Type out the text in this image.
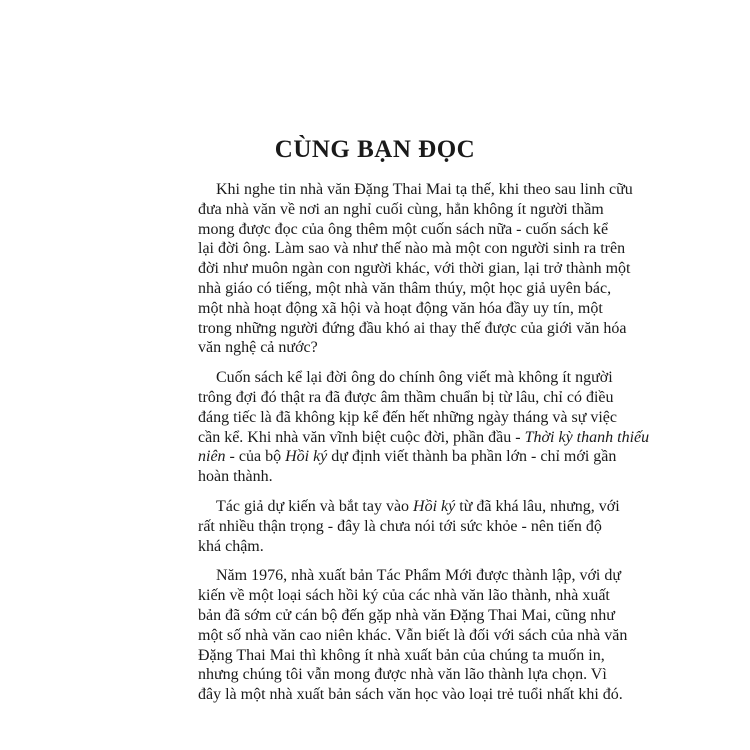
CÙNG BẠN ĐỌC

Khi nghe tin nhà văn Đặng Thai Mai tạ thế, khi theo sau linh cữu
đưa nhà văn về nơi an nghỉ cuối cùng, hẳn không ít người thầm
mong được đọc của ông thêm một cuốn sách nữa - cuốn sách kể
lại đời ông. Làm sao và như thế nào mà một con người sinh ra trên
đời như muôn ngàn con người khác, với thời gian, lại trở thành một
nhà giáo có tiếng, một nhà văn thâm thúy, một học giả uyên bác,
một nhà hoạt động xã hội và hoạt động văn hóa đầy uy tín, một
trong những người đứng đầu khó ai thay thế được của giới văn hóa
văn nghệ cả nước?

Cuốn sách kể lại đời ông do chính ông viết mà không ít người
trông đợi đó thật ra đã được âm thầm chuẩn bị từ lâu, chỉ có điều
đáng tiếc là đã không kịp kể đến hết những ngày tháng và sự việc
cần kể. Khi nhà văn vĩnh biệt cuộc đời, phần đầu - Thời kỳ thanh thiếu
niên - của bộ Hồi ký dự định viết thành ba phần lớn - chỉ mới gần
hoàn thành.

Tác giả dự kiến và bắt tay vào Hồi ký từ đã khá lâu, nhưng, với
rất nhiều thận trọng - đây là chưa nói tới sức khỏe - nên tiến độ
khá chậm.

Năm 1976, nhà xuất bản Tác Phẩm Mới được thành lập, với dự
kiến về một loại sách hồi ký của các nhà văn lão thành, nhà xuất
bản đã sớm cử cán bộ đến gặp nhà văn Đặng Thai Mai, cũng như
một số nhà văn cao niên khác. Vẫn biết là đối với sách của nhà văn
Đặng Thai Mai thì không ít nhà xuất bản của chúng ta muốn in,
nhưng chúng tôi vẫn mong được nhà văn lão thành lựa chọn. Vì
đây là một nhà xuất bản sách văn học vào loại trẻ tuổi nhất khi đó.
